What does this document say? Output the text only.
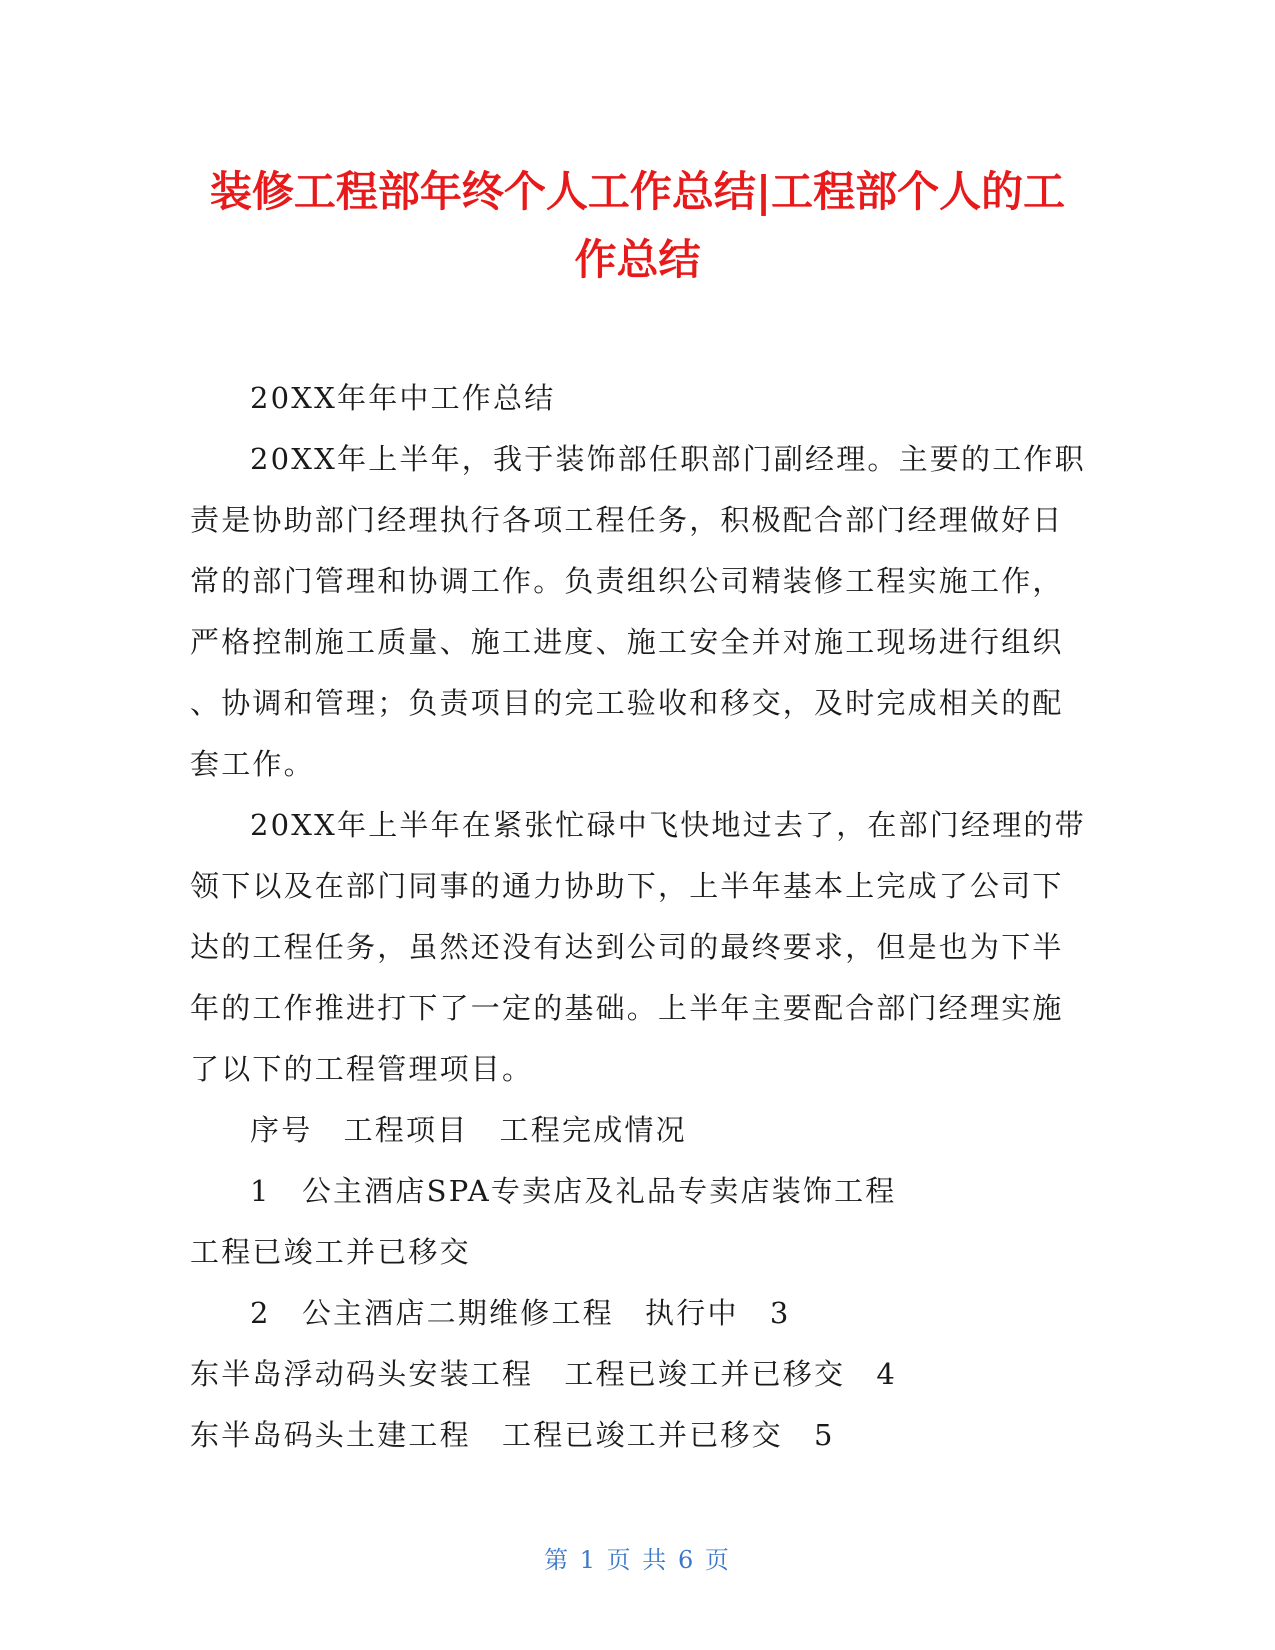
装修工程部年终个人工作总结|工程部个人的工
作总结
20XX年年中工作总结
20XX年上半年，我于装饰部任职部门副经理。主要的工作职
责是协助部门经理执行各项工程任务，积极配合部门经理做好日
常的部门管理和协调工作。负责组织公司精装修工程实施工作，
严格控制施工质量、施工进度、施工安全并对施工现场进行组织
、协调和管理；负责项目的完工验收和移交，及时完成相关的配
套工作。
20XX年上半年在紧张忙碌中飞快地过去了，在部门经理的带
领下以及在部门同事的通力协助下，上半年基本上完成了公司下
达的工程任务，虽然还没有达到公司的最终要求，但是也为下半
年的工作推进打下了一定的基础。上半年主要配合部门经理实施
了以下的工程管理项目。
序号　工程项目　工程完成情况
1　公主酒店SPA专卖店及礼品专卖店装饰工程
工程已竣工并已移交
2　公主酒店二期维修工程　执行中　3
东半岛浮动码头安装工程　工程已竣工并已移交　4
东半岛码头土建工程　工程已竣工并已移交　5
第 1 页 共 6 页
